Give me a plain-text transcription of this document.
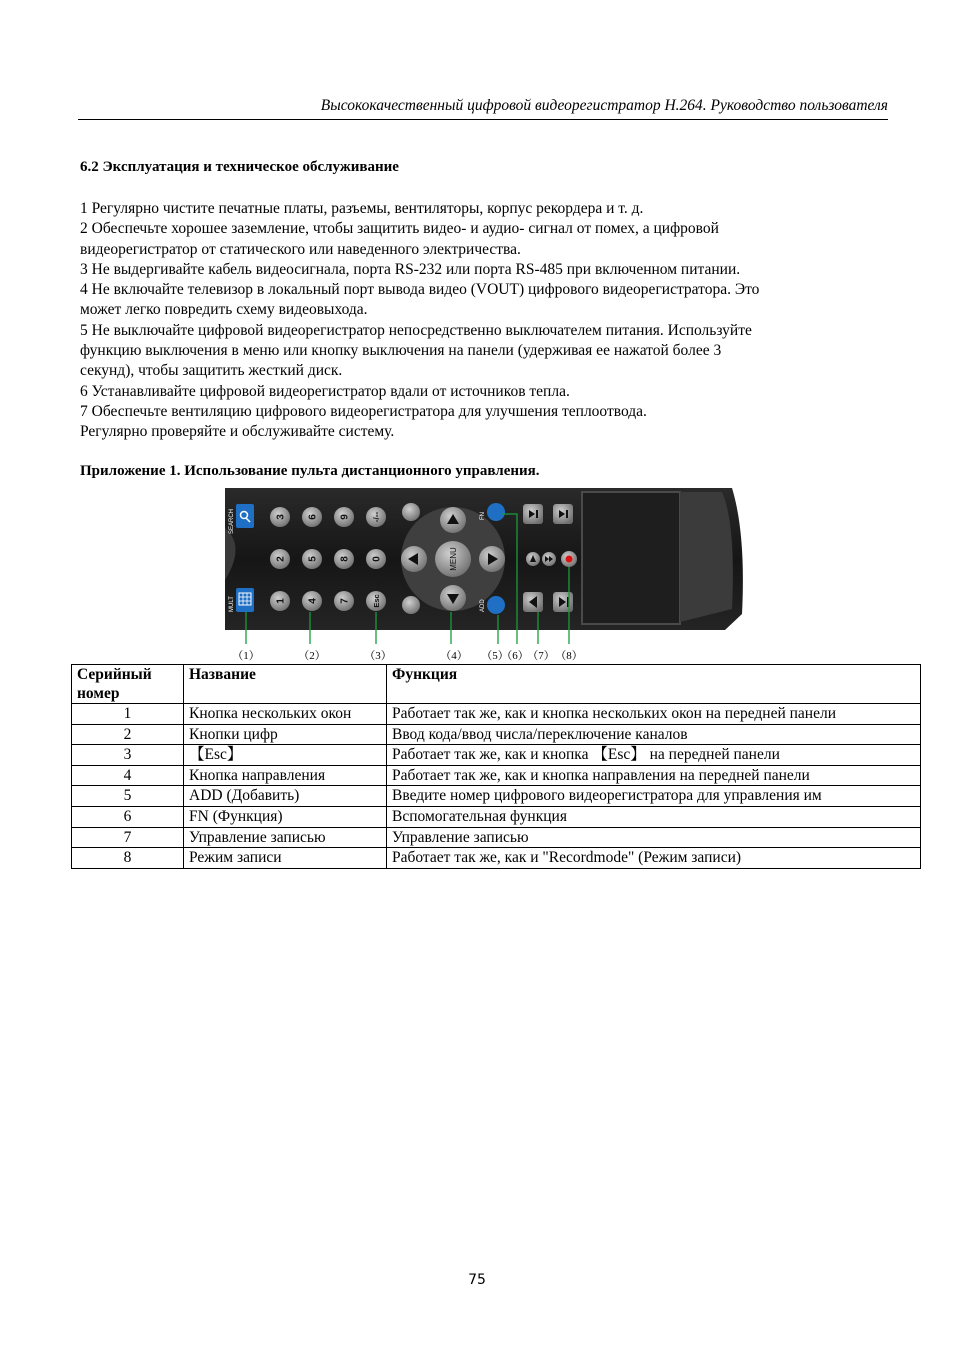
Высококачественный цифровой видеорегистратор H.264. Руководство пользователя
6.2 Эксплуатация и техническое обслуживание

1 Регулярно чистите печатные платы, разъемы, вентиляторы, корпус рекордера и т. д.

2 Обеспечьте хорошее заземление, чтобы защитить видео- и аудио- сигнал от помех, а цифровой

видеорегистратор от статического или наведенного электричества.

3 Не выдергивайте кабель видеосигнала, порта RS-232 или порта RS-485 при включенном питании.

4 Не включайте телевизор в локальный порт вывода видео (VOUT) цифрового видеорегистратора. Это

может легко повредить схему видеовыхода.

5 Не выключайте цифровой видеорегистратор непосредственно выключателем питания. Используйте

функцию выключения в меню или кнопку выключения на панели (удерживая ее нажатой более 3

секунд), чтобы защитить жесткий диск.

6 Устанавливайте цифровой видеорегистратор вдали от источников тепла.

7 Обеспечьте вентиляцию цифрового видеорегистратора для улучшения теплоотвода.

Регулярно проверяйте и обслуживайте систему.

Приложение 1. Использование пульта дистанционного управления.
SEARCH
MULT
3
2
1
6
5
4
9
8
7
-/--
0
Esc
MENU
FN
ADD
（1）	（2）	（3）	（4） （5）
（6）
（7） （8）
Серийный номер	Название	Функция
1	Кнопка нескольких окон	Работает так же, как и кнопка нескольких окон на передней панели
2	Кнопки цифр	Ввод кода/ввод числа/переключение каналов
3	【Esc】	Работает так же, как и кнопка 【Esc】 на передней панели
4	Кнопка направления	Работает так же, как и кнопка направления на передней панели
5	ADD (Добавить)	Введите номер цифрового видеорегистратора для управления им
6	FN (Функция)	Вспомогательная функция
7	Управление записью	Управление записью
8	Режим записи	Работает так же, как и "Recordmode" (Режим записи)
75
